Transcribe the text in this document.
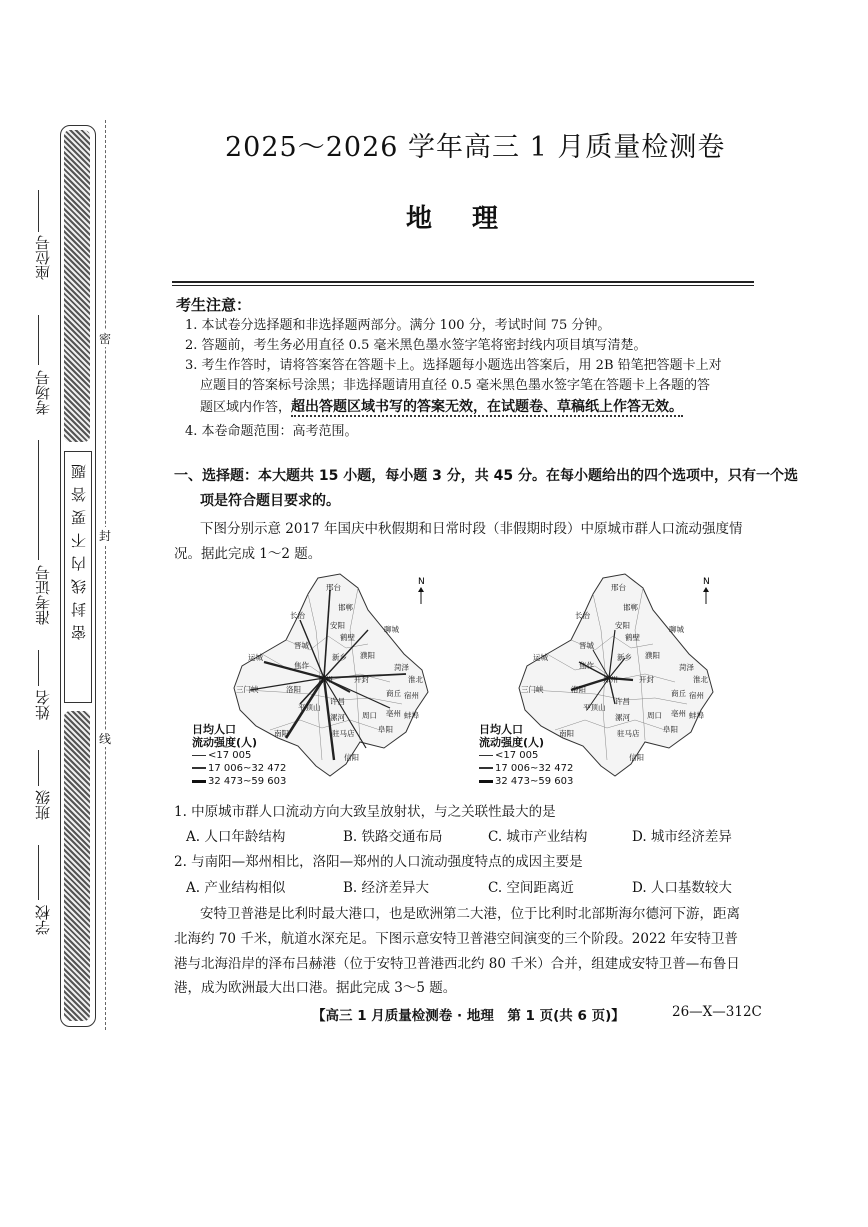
题
答
要
不
内
线
封
密
座位号
考场号
准考证号
姓名
班级
学校
密
封
线
2025～2026 学年高三 1 月质量检测卷
地理
考生注意：
1. 本试卷分选择题和非选择题两部分。满分 100 分，考试时间 75 分钟。
2. 答题前，考生务必用直径 0.5 毫米黑色墨水签字笔将密封线内项目填写清楚。
3. 考生作答时，请将答案答在答题卡上。选择题每小题选出答案后，用 2B 铅笔把答题卡上对
应题目的答案标号涂黑；非选择题请用直径 0.5 毫米黑色墨水签字笔在答题卡上各题的答
题区域内作答，超出答题区域书写的答案无效，在试题卷、草稿纸上作答无效。
4. 本卷命题范围：高考范围。
一、选择题：本大题共 15 小题，每小题 3 分，共 45 分。在每小题给出的四个选项中，只有一个选
项是符合题目要求的。
下图分别示意 2017 年国庆中秋假期和日常时段（非假期时段）中原城市群人口流动强度情
况。据此完成 1～2 题。
邢台
长治
邯郸
晋城
安阳
鹤壁
濮阳
运城
焦作
新乡
聊城
三门峡	洛阳
郑州	开封
菏泽
平顶山
许昌
商丘
南阳
漯河 周口
宿州
淮北
驻马店	阜阳
亳州
信阳
蚌埠
N
日均人口
流动强度(人)
<17 005
17 006~32 472
32 473~59 603
邢台
长治
邯郸
晋城
安阳
鹤壁
濮阳
运城
焦作
新乡
聊城
三门峡	洛阳
郑州	开封
菏泽
平顶山
许昌
商丘
南阳
漯河 周口
宿州
淮北
驻马店	阜阳
亳州
信阳
蚌埠
N
日均人口
流动强度(人)
<17 005
17 006~32 472
32 473~59 603
1. 中原城市群人口流动方向大致呈放射状，与之关联性最大的是
A. 人口年龄结构	B. 铁路交通布局	C. 城市产业结构	D. 城市经济差异
2. 与南阳—郑州相比，洛阳—郑州的人口流动强度特点的成因主要是
A. 产业结构相似	B. 经济差异大	C. 空间距离近	D. 人口基数较大
安特卫普港是比利时最大港口，也是欧洲第二大港，位于比利时北部斯海尔德河下游，距离
北海约 70 千米，航道水深充足。下图示意安特卫普港空间演变的三个阶段。2022 年安特卫普
港与北海沿岸的泽布吕赫港（位于安特卫普港西北约 80 千米）合并，组建成安特卫普—布鲁日
港，成为欧洲最大出口港。据此完成 3～5 题。
【高三 1 月质量检测卷 · 地理　第 1 页(共 6 页)】	26—X—312C
